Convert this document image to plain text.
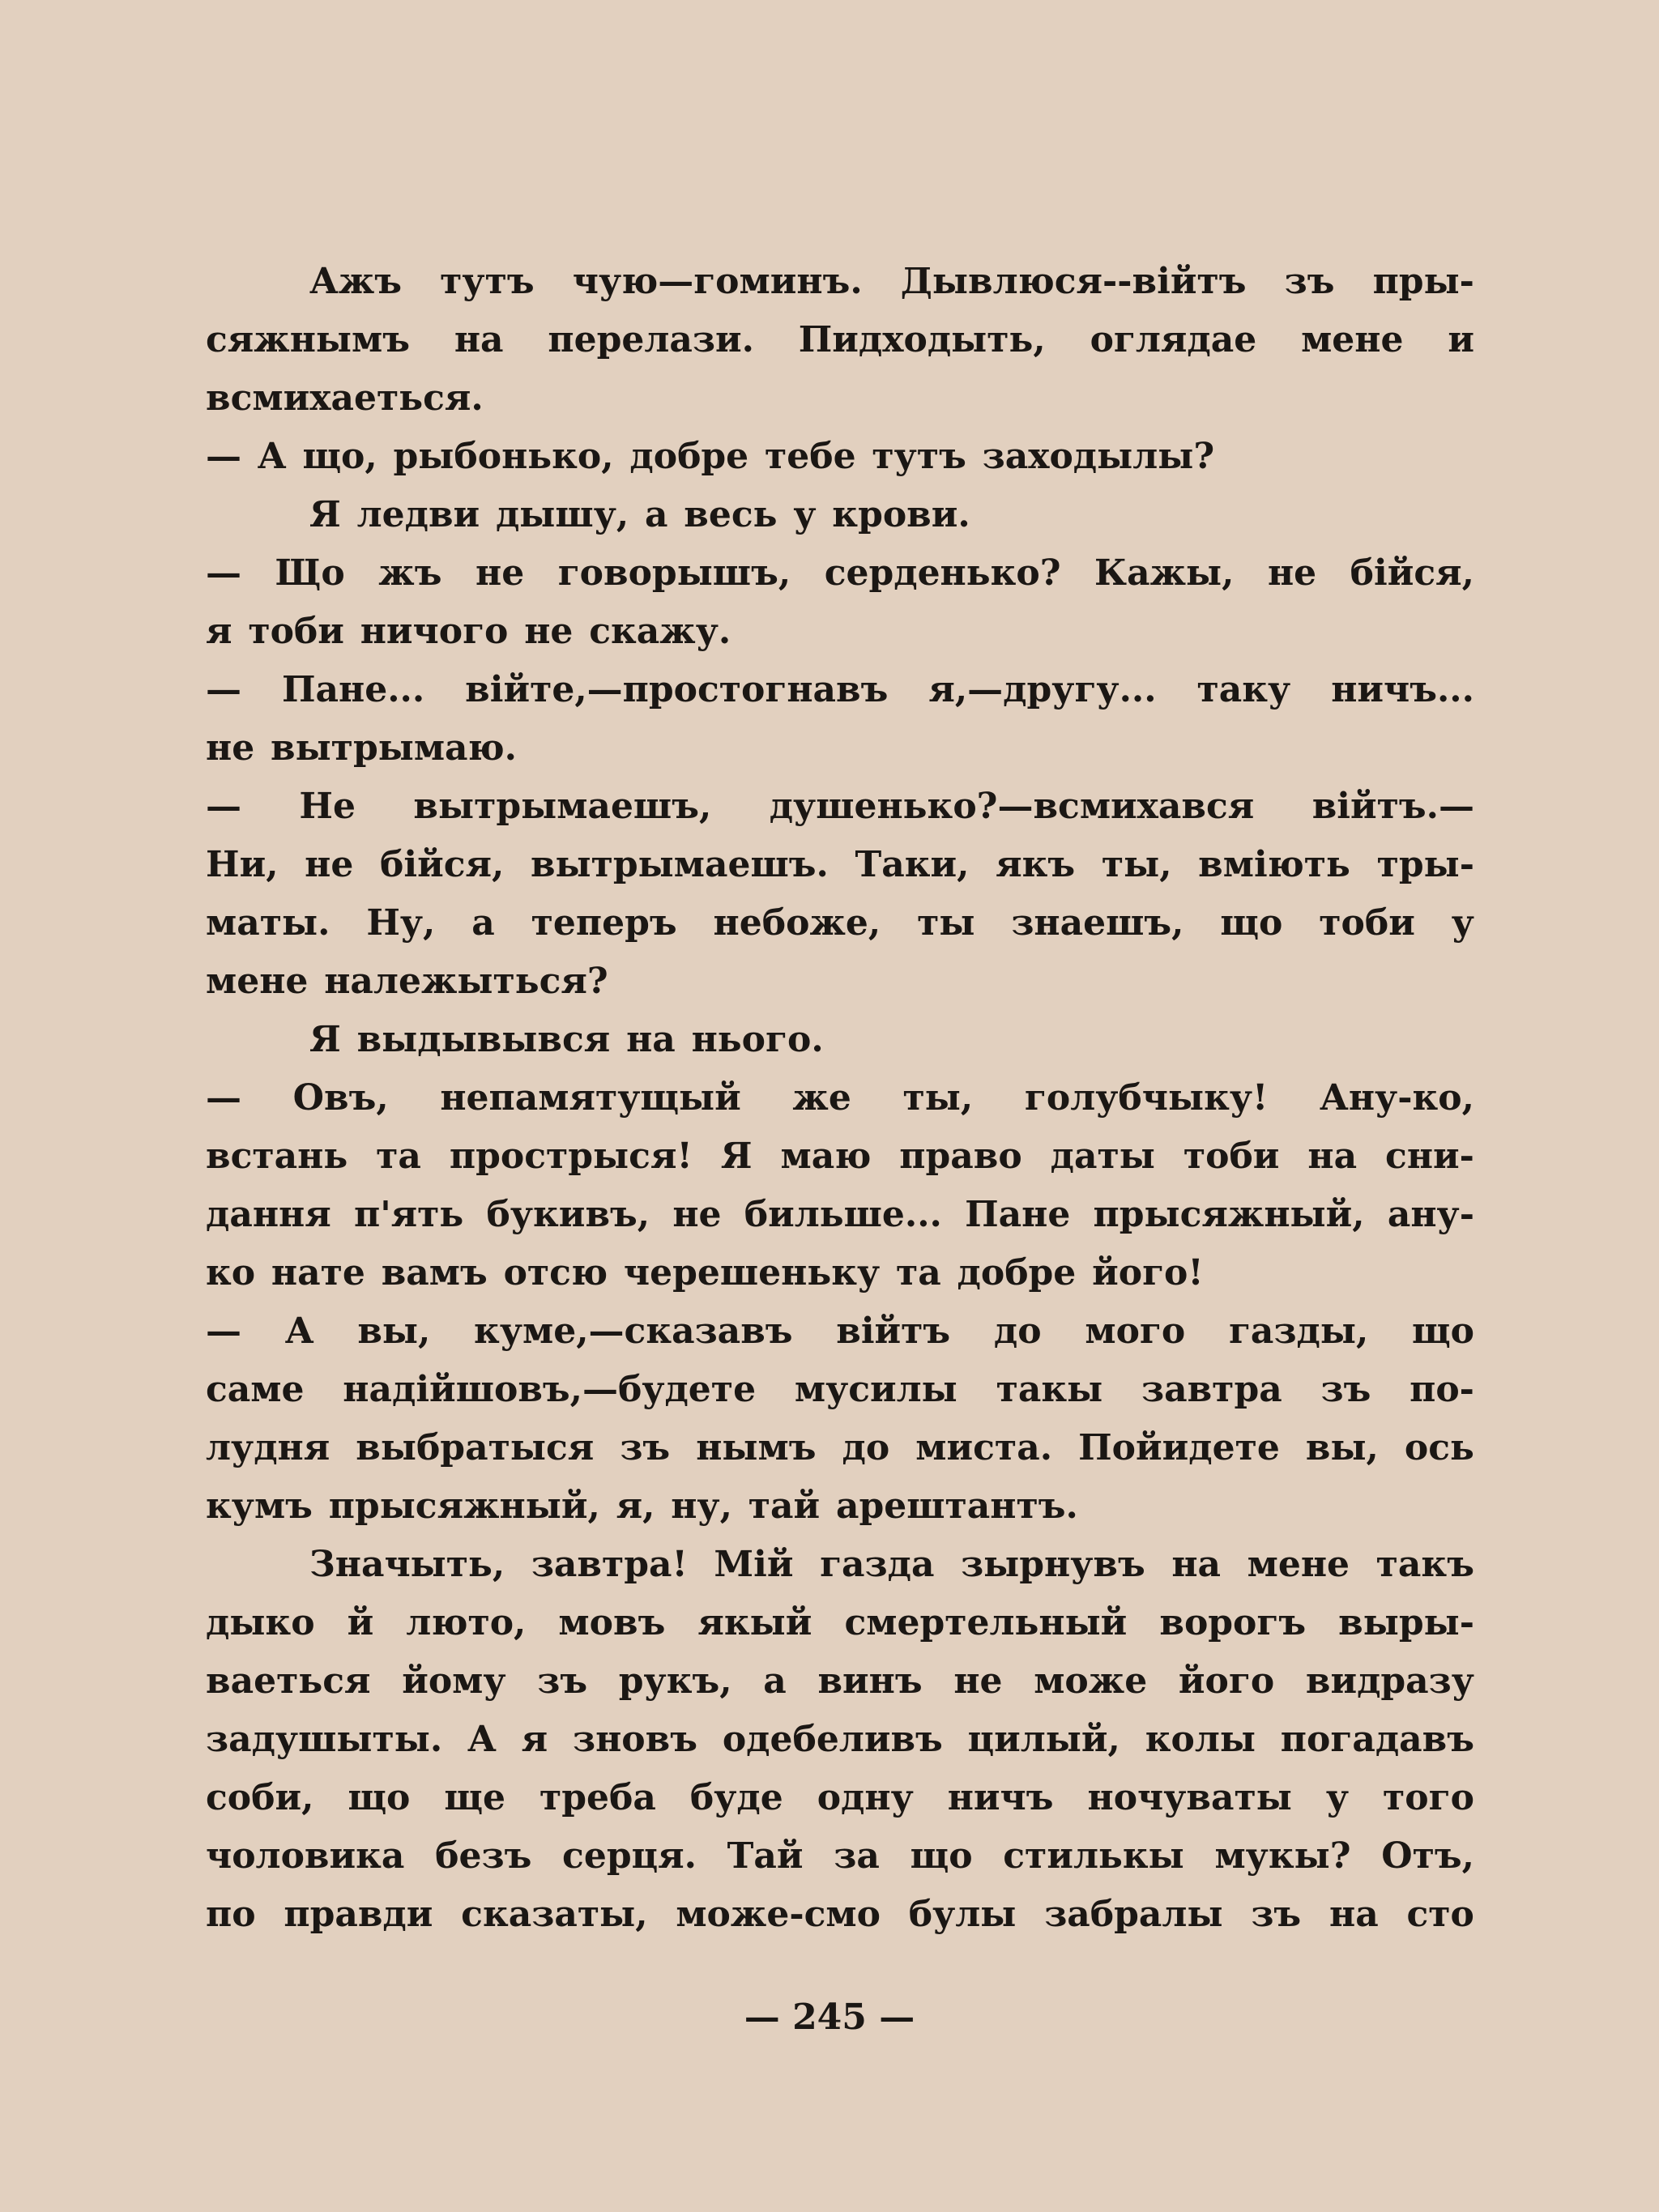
Ажъ тутъ чую—гоминъ. Дывлюся--війтъ зъ пры-
сяжнымъ на перелази. Пидходыть, оглядае мене и
всмихаеться.
— А що, рыбонько, добре тебе тутъ заходылы?
Я ледви дышу, а весь у крови.
— Що жъ не говорышъ, серденько? Кажы, не бійся,
я тоби ничого не скажу.
— Пане... війте,—простогнавъ я,—другу... таку ничъ...
не вытрымаю.
— Не вытрымаешъ, душенько?—всмихався війтъ.—
Ни, не бійся, вытрымаешъ. Таки, якъ ты, вміють тры-
маты. Ну, а теперъ небоже, ты знаешъ, що тоби у
мене належыться?
Я выдывывся на нього.
— Овъ, непамятущый же ты, голубчыку! Ану-ко,
встань та прострыся! Я маю право даты тоби на сни-
дання п'ять букивъ, не бильше... Пане прысяжный, ану-
ко нате вамъ отсю черешеньку та добре його!
— А вы, куме,—сказавъ війтъ до мого газды, що
саме надійшовъ,—будете мусилы такы завтра зъ по-
лудня выбратыся зъ нымъ до миста. Пойидете вы, ось
кумъ прысяжный, я, ну, тай арештантъ.
Значыть, завтра! Мій газда зырнувъ на мене такъ
дыко й люто, мовъ якый смертельный ворогъ выры-
ваеться йому зъ рукъ, а винъ не може його видразу
задушыты. А я зновъ одебеливъ цилый, колы погадавъ
соби, що ще треба буде одну ничъ ночуваты у того
чоловика безъ серця. Тай за що стилькы мукы? Отъ,
по правди сказаты, може-смо булы забралы зъ на сто
— 245 —
